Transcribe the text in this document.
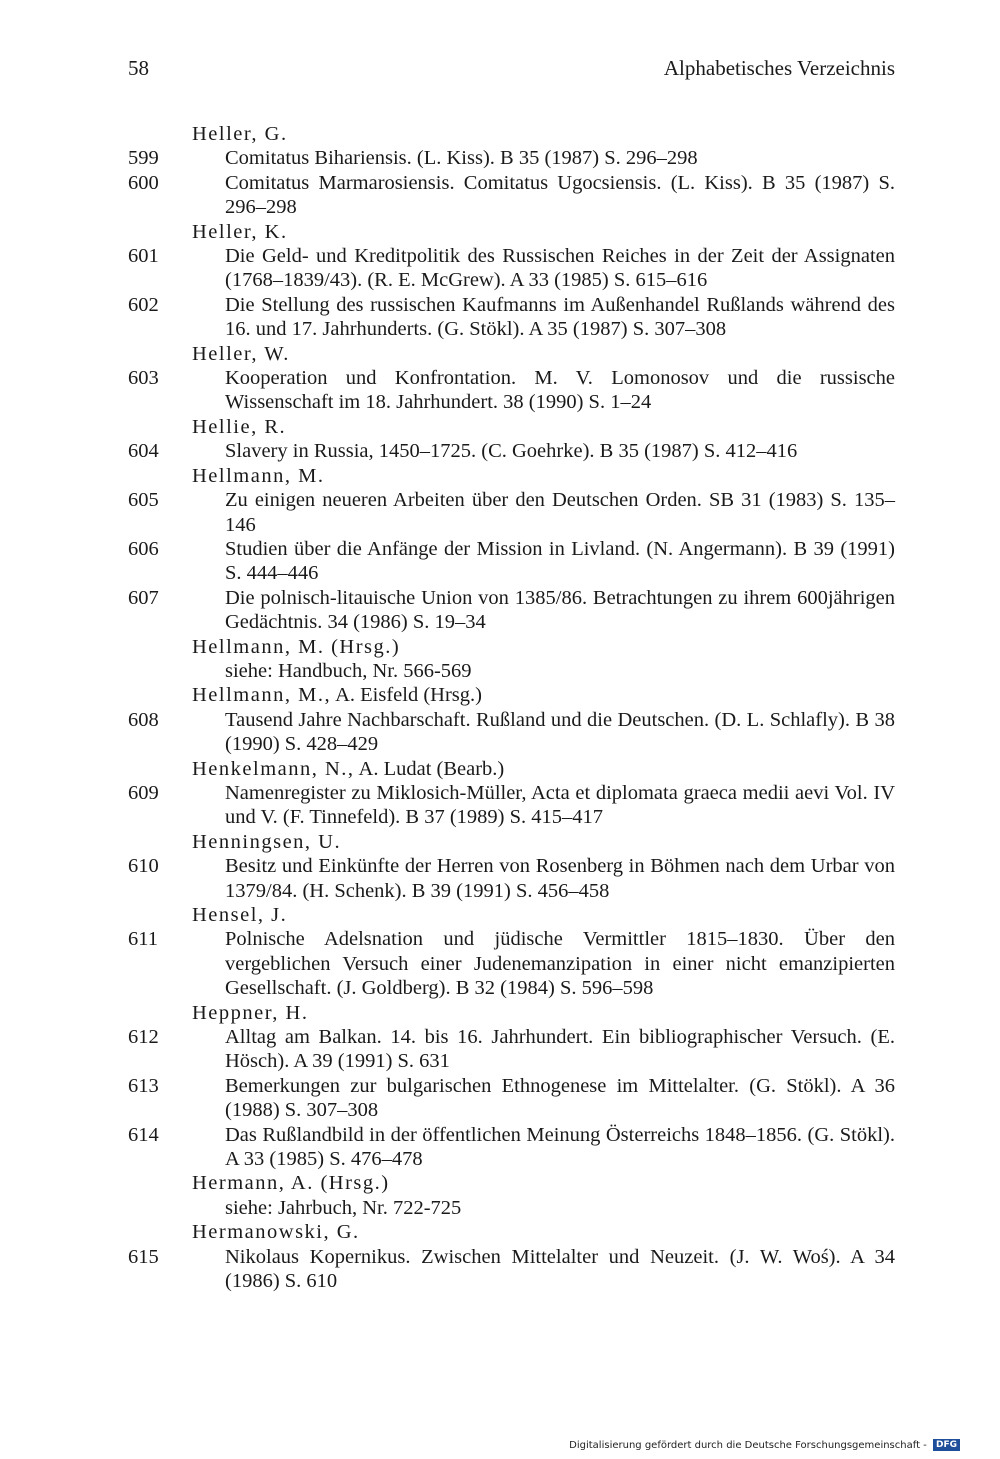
58	Alphabetisches Verzeichnis
Heller, G.
599	Comitatus Bihariensis. (L. Kiss). B 35 (1987) S. 296–298
600	Comitatus Marmarosiensis. Comitatus Ugocsiensis. (L. Kiss). B 35 (1987) S. 296–298
Heller, K.
601	Die Geld- und Kreditpolitik des Russischen Reiches in der Zeit der Assignaten (1768–1839/43). (R. E. McGrew). A 33 (1985) S. 615–616
602	Die Stellung des russischen Kaufmanns im Außenhandel Rußlands während des 16. und 17. Jahrhunderts. (G. Stökl). A 35 (1987) S. 307–308
Heller, W.
603	Kooperation und Konfrontation. M. V. Lomonosov und die russische Wissenschaft im 18. Jahrhundert. 38 (1990) S. 1–24
Hellie, R.
604	Slavery in Russia, 1450–1725. (C. Goehrke). B 35 (1987) S. 412–416
Hellmann, M.
605	Zu einigen neueren Arbeiten über den Deutschen Orden. SB 31 (1983) S. 135–146
606	Studien über die Anfänge der Mission in Livland. (N. Angermann). B 39 (1991) S. 444–446
607	Die polnisch-litauische Union von 1385/86. Betrachtungen zu ihrem 600jährigen Gedächtnis. 34 (1986) S. 19–34
Hellmann, M. (Hrsg.)
siehe: Handbuch, Nr. 566-569
Hellmann, M., A. Eisfeld (Hrsg.)
608	Tausend Jahre Nachbarschaft. Rußland und die Deutschen. (D. L. Schlafly). B 38 (1990) S. 428–429
Henkelmann, N., A. Ludat (Bearb.)
609	Namenregister zu Miklosich-Müller, Acta et diplomata graeca medii aevi Vol. IV und V. (F. Tinnefeld). B 37 (1989) S. 415–417
Henningsen, U.
610	Besitz und Einkünfte der Herren von Rosenberg in Böhmen nach dem Urbar von 1379/84. (H. Schenk). B 39 (1991) S. 456–458
Hensel, J.
611	Polnische Adelsnation und jüdische Vermittler 1815–1830. Über den vergeblichen Versuch einer Judenemanzipation in einer nicht emanzipierten Gesellschaft. (J. Goldberg). B 32 (1984) S. 596–598
Heppner, H.
612	Alltag am Balkan. 14. bis 16. Jahrhundert. Ein bibliographischer Versuch. (E. Hösch). A 39 (1991) S. 631
613	Bemerkungen zur bulgarischen Ethnogenese im Mittelalter. (G. Stökl). A 36 (1988) S. 307–308
614	Das Rußlandbild in der öffentlichen Meinung Österreichs 1848–1856. (G. Stökl). A 33 (1985) S. 476–478
Hermann, A. (Hrsg.)
siehe: Jahrbuch, Nr. 722-725
Hermanowski, G.
615	Nikolaus Kopernikus. Zwischen Mittelalter und Neuzeit. (J. W. Woś). A 34 (1986) S. 610
Digitalisierung gefördert durch die Deutsche Forschungsgemeinschaft - DFG
